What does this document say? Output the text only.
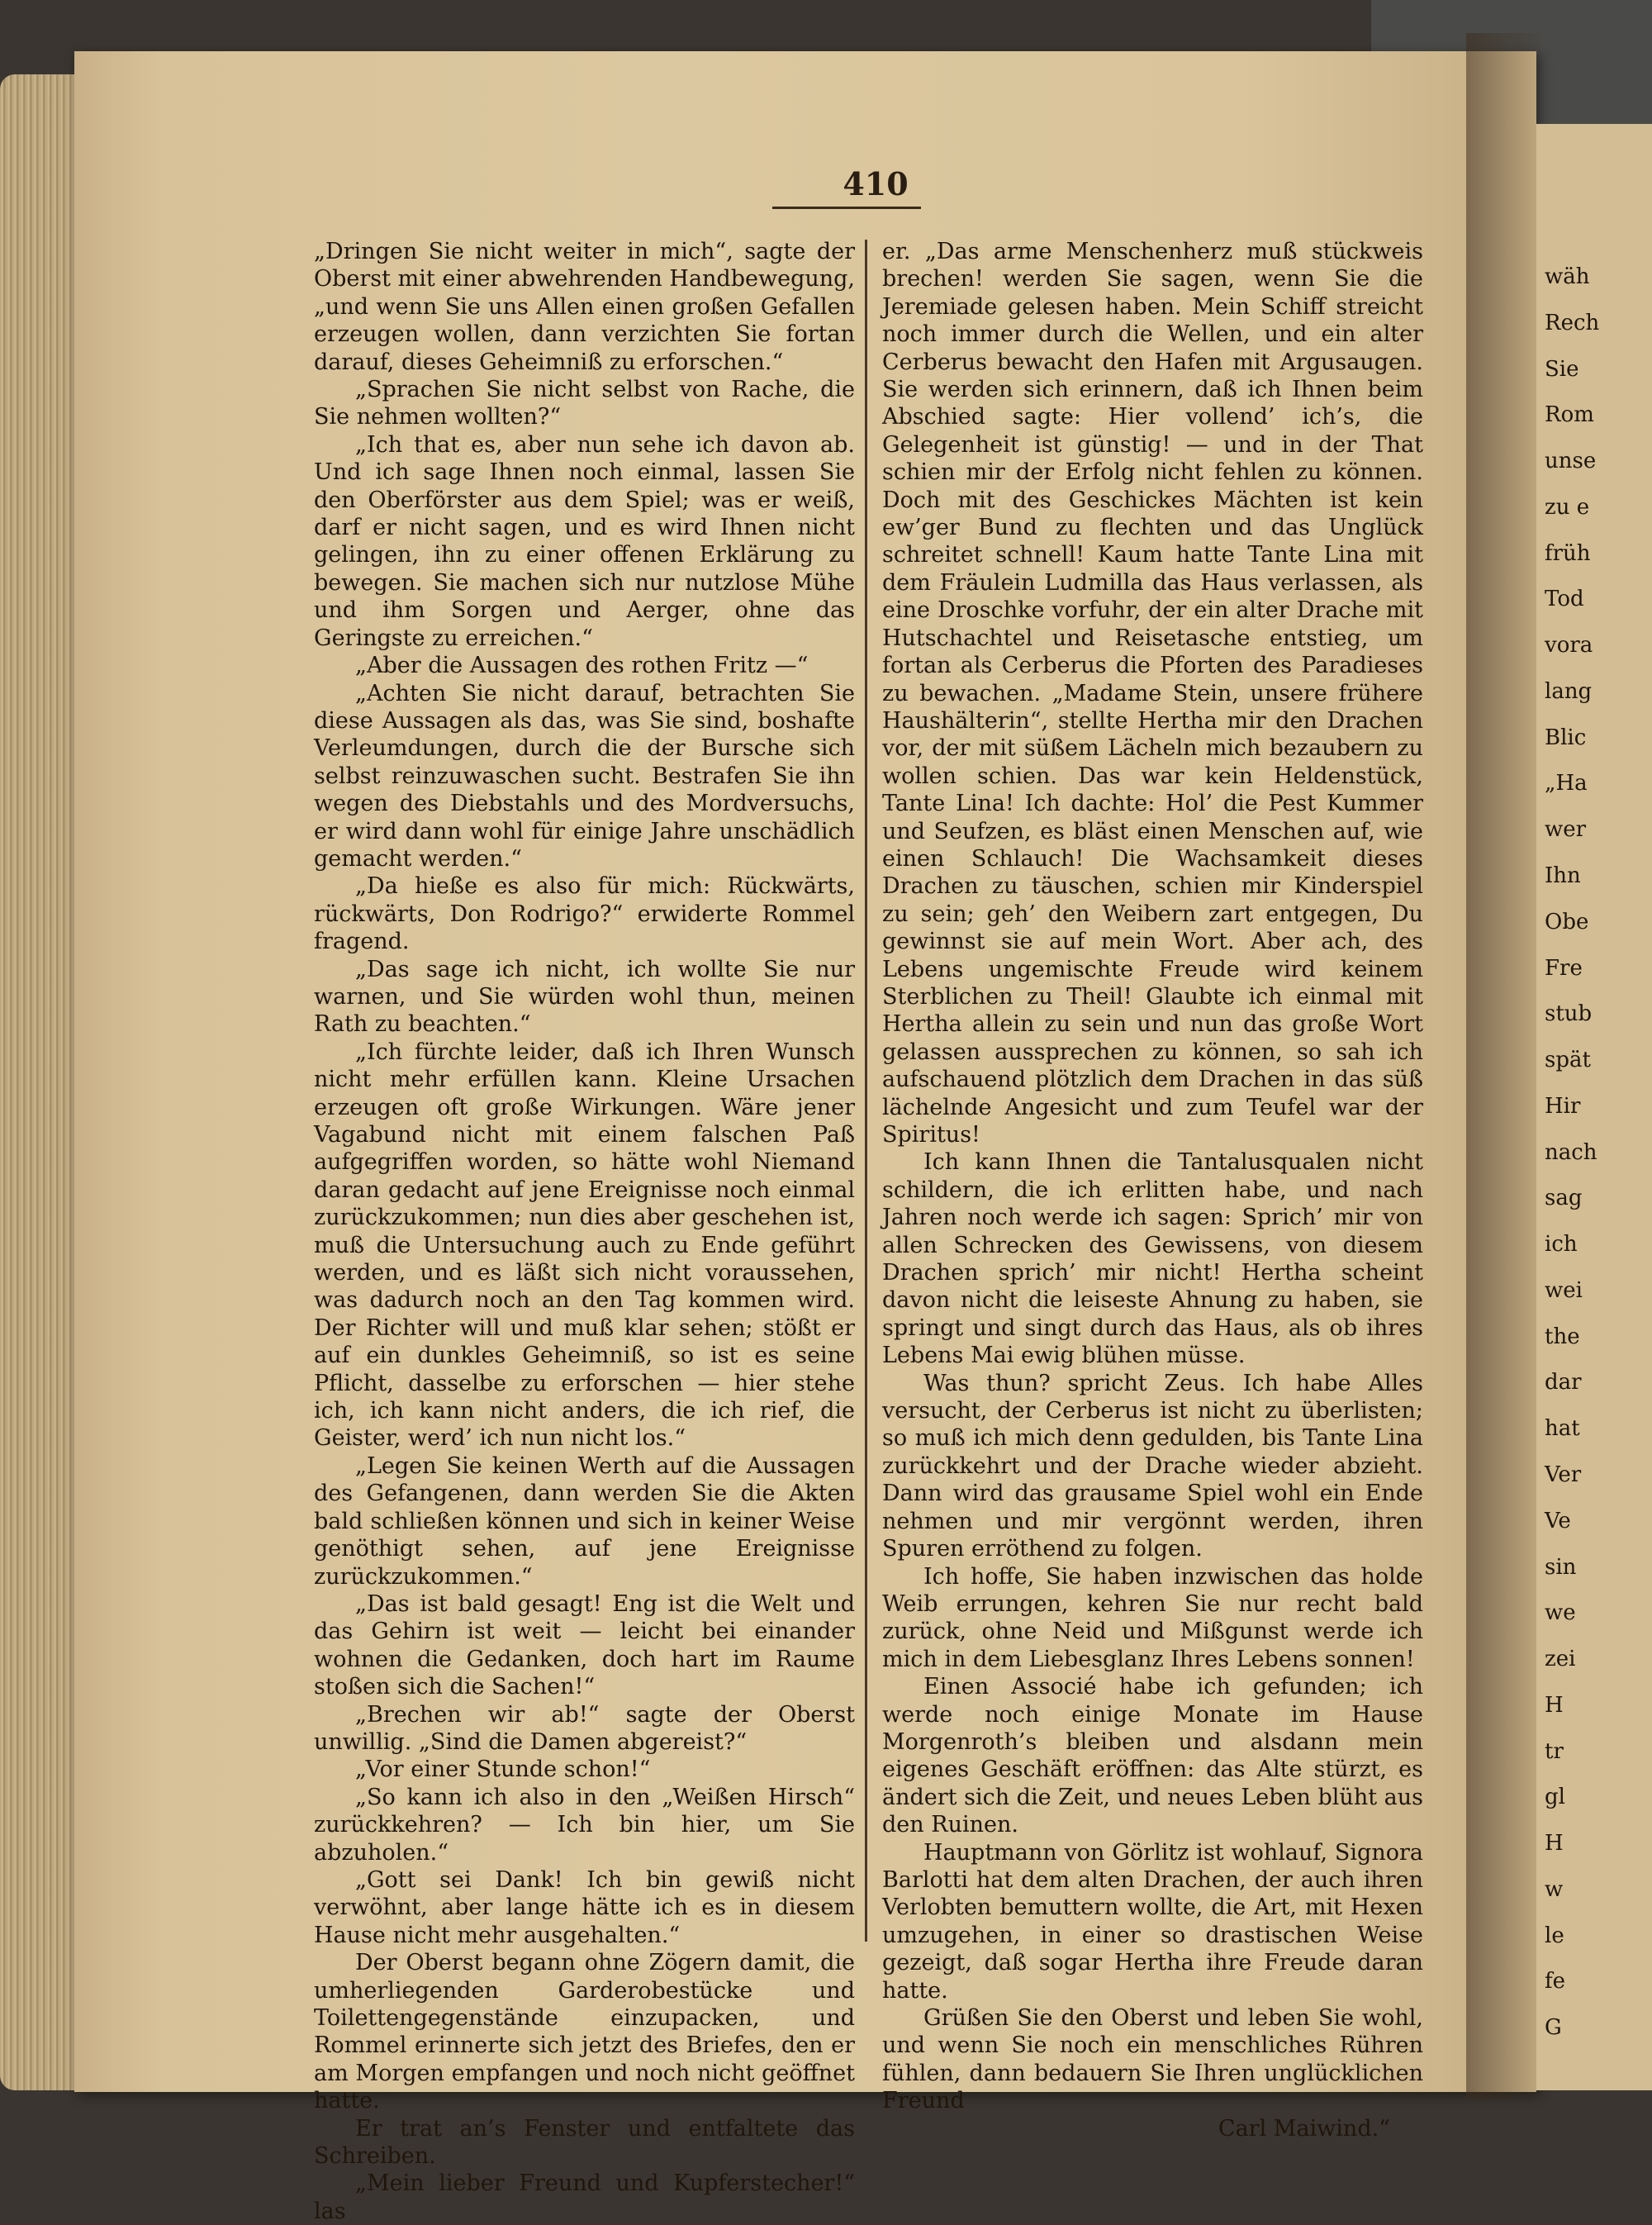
wäh
Rech
Sie
Rom
unse
zu e
früh
Tod
vora
lang
Blic
„Ha
wer
Ihn
Obe
Fre
stub
spät
Hir
nach
sag
ich
wei
the
dar
hat
Ver
Ve
sin
we
zei
H
tr
gl
H
w
le
fe
G
410

„Dringen Sie nicht weiter in mich“, sagte der Oberst mit einer abwehrenden Handbewegung, „und wenn Sie uns Allen einen großen Gefallen erzeugen wollen, dann verzichten Sie fortan darauf, dieses Geheimniß zu erforschen.“

„Sprachen Sie nicht selbst von Rache, die Sie nehmen wollten?“

„Ich that es, aber nun sehe ich davon ab. Und ich sage Ihnen noch einmal, lassen Sie den Oberförster aus dem Spiel; was er weiß, darf er nicht sagen, und es wird Ihnen nicht gelingen, ihn zu einer offenen Erklärung zu bewegen. Sie machen sich nur nutzlose Mühe und ihm Sorgen und Aerger, ohne das Geringste zu erreichen.“

„Aber die Aussagen des rothen Fritz —“

„Achten Sie nicht darauf, betrachten Sie diese Aussagen als das, was Sie sind, boshafte Verleumdungen, durch die der Bursche sich selbst reinzuwaschen sucht. Bestrafen Sie ihn wegen des Diebstahls und des Mordversuchs, er wird dann wohl für einige Jahre unschädlich gemacht werden.“

„Da hieße es also für mich: Rückwärts, rückwärts, Don Rodrigo?“ erwiderte Rommel fragend.

„Das sage ich nicht, ich wollte Sie nur warnen, und Sie würden wohl thun, meinen Rath zu beachten.“

„Ich fürchte leider, daß ich Ihren Wunsch nicht mehr erfüllen kann. Kleine Ursachen erzeugen oft große Wirkungen. Wäre jener Vagabund nicht mit einem falschen Paß aufgegriffen worden, so hätte wohl Niemand daran gedacht auf jene Ereignisse noch einmal zurückzukommen; nun dies aber geschehen ist, muß die Untersuchung auch zu Ende geführt werden, und es läßt sich nicht voraussehen, was dadurch noch an den Tag kommen wird. Der Richter will und muß klar sehen; stößt er auf ein dunkles Geheimniß, so ist es seine Pflicht, dasselbe zu erforschen — hier stehe ich, ich kann nicht anders, die ich rief, die Geister, werd’ ich nun nicht los.“

„Legen Sie keinen Werth auf die Aussagen des Gefangenen, dann werden Sie die Akten bald schließen können und sich in keiner Weise genöthigt sehen, auf jene Ereignisse zurückzukommen.“

„Das ist bald gesagt! Eng ist die Welt und das Gehirn ist weit — leicht bei einander wohnen die Gedanken, doch hart im Raume stoßen sich die Sachen!“

„Brechen wir ab!“ sagte der Oberst unwillig. „Sind die Damen abgereist?“

„Vor einer Stunde schon!“

„So kann ich also in den „Weißen Hirsch“ zurückkehren? — Ich bin hier, um Sie abzuholen.“

„Gott sei Dank! Ich bin gewiß nicht verwöhnt, aber lange hätte ich es in diesem Hause nicht mehr ausgehalten.“

Der Oberst begann ohne Zögern damit, die umherliegenden Garderobestücke und Toilettengegenstände einzupacken, und Rommel erinnerte sich jetzt des Briefes, den er am Morgen empfangen und noch nicht geöffnet hatte.

Er trat an’s Fenster und entfaltete das Schreiben.

„Mein lieber Freund und Kupferstecher!“ las

er. „Das arme Menschenherz muß stückweis brechen! werden Sie sagen, wenn Sie die Jeremiade gelesen haben. Mein Schiff streicht noch immer durch die Wellen, und ein alter Cerberus bewacht den Hafen mit Argusaugen. Sie werden sich erinnern, daß ich Ihnen beim Abschied sagte: Hier vollend’ ich’s, die Gelegenheit ist günstig! — und in der That schien mir der Erfolg nicht fehlen zu können. Doch mit des Geschickes Mächten ist kein ew’ger Bund zu flechten und das Unglück schreitet schnell! Kaum hatte Tante Lina mit dem Fräulein Ludmilla das Haus verlassen, als eine Droschke vorfuhr, der ein alter Drache mit Hutschachtel und Reisetasche entstieg, um fortan als Cerberus die Pforten des Paradieses zu bewachen. „Madame Stein, unsere frühere Haushälterin“, stellte Hertha mir den Drachen vor, der mit süßem Lächeln mich bezaubern zu wollen schien. Das war kein Heldenstück, Tante Lina! Ich dachte: Hol’ die Pest Kummer und Seufzen, es bläst einen Menschen auf, wie einen Schlauch! Die Wachsamkeit dieses Drachen zu täuschen, schien mir Kinderspiel zu sein; geh’ den Weibern zart entgegen, Du gewinnst sie auf mein Wort. Aber ach, des Lebens ungemischte Freude wird keinem Sterblichen zu Theil! Glaubte ich einmal mit Hertha allein zu sein und nun das große Wort gelassen aussprechen zu können, so sah ich aufschauend plötzlich dem Drachen in das süß lächelnde Angesicht und zum Teufel war der Spiritus!

Ich kann Ihnen die Tantalusqualen nicht schildern, die ich erlitten habe, und nach Jahren noch werde ich sagen: Sprich’ mir von allen Schrecken des Gewissens, von diesem Drachen sprich’ mir nicht! Hertha scheint davon nicht die leiseste Ahnung zu haben, sie springt und singt durch das Haus, als ob ihres Lebens Mai ewig blühen müsse.

Was thun? spricht Zeus. Ich habe Alles versucht, der Cerberus ist nicht zu überlisten; so muß ich mich denn gedulden, bis Tante Lina zurückkehrt und der Drache wieder abzieht. Dann wird das grausame Spiel wohl ein Ende nehmen und mir vergönnt werden, ihren Spuren erröthend zu folgen.

Ich hoffe, Sie haben inzwischen das holde Weib errungen, kehren Sie nur recht bald zurück, ohne Neid und Mißgunst werde ich mich in dem Liebesglanz Ihres Lebens sonnen!

Einen Associé habe ich gefunden; ich werde noch einige Monate im Hause Morgenroth’s bleiben und alsdann mein eigenes Geschäft eröffnen: das Alte stürzt, es ändert sich die Zeit, und neues Leben blüht aus den Ruinen.

Hauptmann von Görlitz ist wohlauf, Signora Barlotti hat dem alten Drachen, der auch ihren Verlobten bemuttern wollte, die Art, mit Hexen umzugehen, in einer so drastischen Weise gezeigt, daß sogar Hertha ihre Freude daran hatte.

Grüßen Sie den Oberst und leben Sie wohl, und wenn Sie noch ein menschliches Rühren fühlen, dann bedauern Sie Ihren unglücklichen Freund

Carl Maiwind.“
